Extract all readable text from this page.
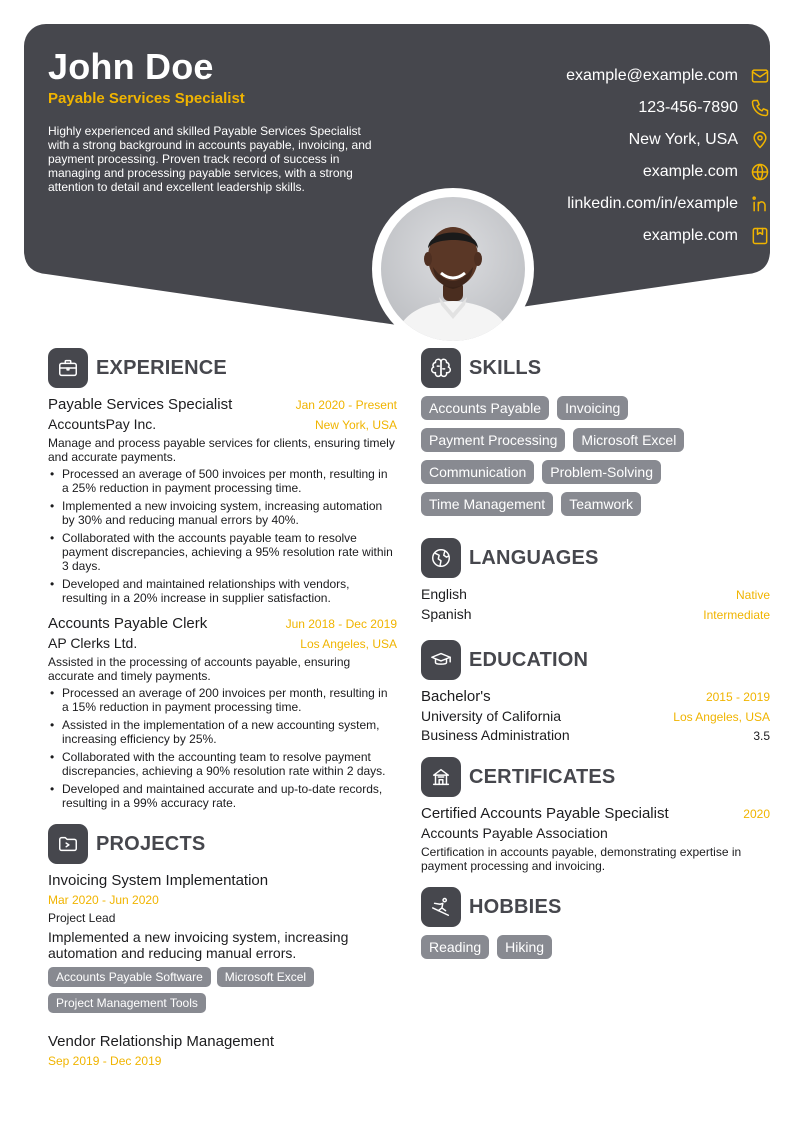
John Doe
Payable Services Specialist
Highly experienced and skilled Payable Services Specialist with a strong background in accounts payable, invoicing, and payment processing. Proven track record of success in managing and processing payable services, with a strong attention to detail and excellent leadership skills.
example@example.com
123-456-7890
New York, USA
example.com
linkedin.com/in/example
example.com
EXPERIENCE
Payable Services Specialist	Jan 2020 - Present
AccountsPay Inc.	New York, USA
Manage and process payable services for clients, ensuring timely and accurate payments.
• Processed an average of 500 invoices per month, resulting in a 25% reduction in payment processing time.
• Implemented a new invoicing system, increasing automation by 30% and reducing manual errors by 40%.
• Collaborated with the accounts payable team to resolve payment discrepancies, achieving a 95% resolution rate within 3 days.
• Developed and maintained relationships with vendors, resulting in a 20% increase in supplier satisfaction.
Accounts Payable Clerk	Jun 2018 - Dec 2019
AP Clerks Ltd.	Los Angeles, USA
Assisted in the processing of accounts payable, ensuring accurate and timely payments.
• Processed an average of 200 invoices per month, resulting in a 15% reduction in payment processing time.
• Assisted in the implementation of a new accounting system, increasing efficiency by 25%.
• Collaborated with the accounting team to resolve payment discrepancies, achieving a 90% resolution rate within 2 days.
• Developed and maintained accurate and up-to-date records, resulting in a 99% accuracy rate.
PROJECTS
Invoicing System Implementation
Mar 2020 - Jun 2020
Project Lead
Implemented a new invoicing system, increasing automation and reducing manual errors.
Accounts Payable Software	Microsoft Excel
Project Management Tools
Vendor Relationship Management
Sep 2019 - Dec 2019
SKILLS
Accounts Payable	Invoicing
Payment Processing	Microsoft Excel
Communication	Problem-Solving
Time Management	Teamwork
LANGUAGES
English	Native
Spanish	Intermediate
EDUCATION
Bachelor's	2015 - 2019
University of California	Los Angeles, USA
Business Administration	3.5
CERTIFICATES
Certified Accounts Payable Specialist	2020
Accounts Payable Association
Certification in accounts payable, demonstrating expertise in payment processing and invoicing.
HOBBIES
Reading	Hiking
